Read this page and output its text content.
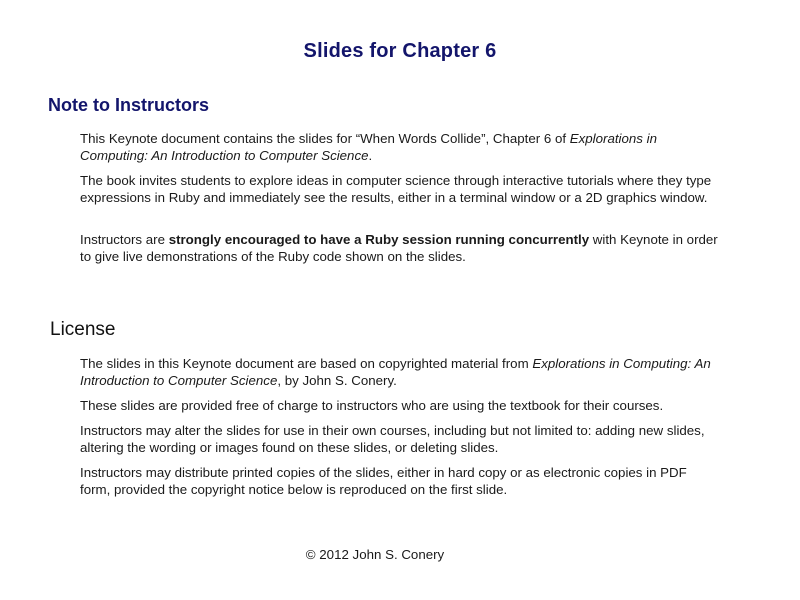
Slides for Chapter 6
Note to Instructors
This Keynote document contains the slides for “When Words Collide”, Chapter 6 of Explorations in Computing: An Introduction to Computer Science.
The book invites students to explore ideas in computer science through interactive tutorials where they type expressions in Ruby and immediately see the results, either in a terminal window or a 2D graphics window.
Instructors are strongly encouraged to have a Ruby session running concurrently with Keynote in order to give live demonstrations of the Ruby code shown on the slides.
License
The slides in this Keynote document are based on copyrighted material from Explorations in Computing: An Introduction to Computer Science, by John S. Conery.
These slides are provided free of charge to instructors who are using the textbook for their courses.
Instructors may alter the slides for use in their own courses, including but not limited to: adding new slides, altering the wording or images found on these slides, or deleting slides.
Instructors may distribute printed copies of the slides, either in hard copy or as electronic copies in PDF form, provided the copyright notice below is reproduced on the first slide.
© 2012 John S. Conery
